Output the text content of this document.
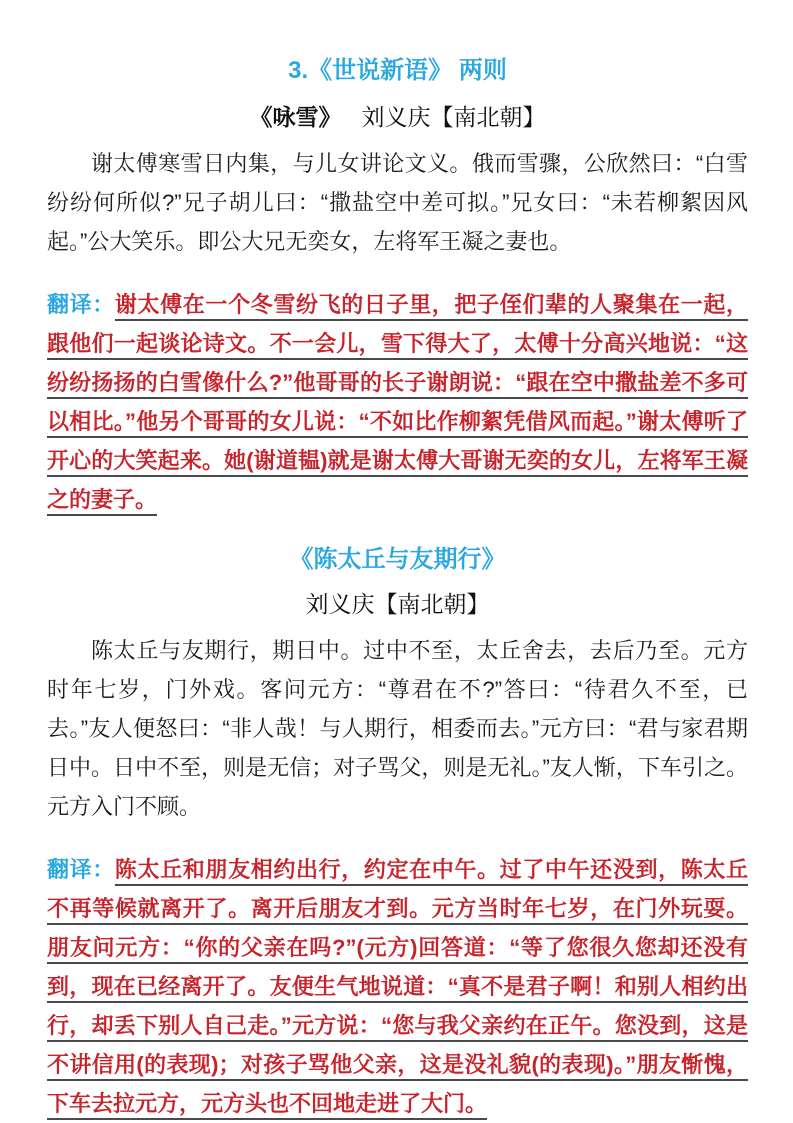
3.《世说新语》 两则
《咏雪》 刘义庆【南北朝】

谢太傅寒雪日内集，与儿女讲论文义。俄而雪骤，公欣然曰：“白雪纷纷何所似?”兄子胡儿曰：“撒盐空中差可拟。”兄女曰：“未若柳絮因风起。”公大笑乐。即公大兄无奕女，左将军王凝之妻也。

翻译：谢太傅在一个冬雪纷飞的日子里，把子侄们辈的人聚集在一起，跟他们一起谈论诗文。不一会儿，雪下得大了，太傅十分高兴地说：“这纷纷扬扬的白雪像什么?”他哥哥的长子谢朗说：“跟在空中撒盐差不多可以相比。”他另个哥哥的女儿说：“不如比作柳絮凭借风而起。”谢太傅听了开心的大笑起来。她(谢道韫)就是谢太傅大哥谢无奕的女儿，左将军王凝之的妻子。

《陈太丘与友期行》
刘义庆【南北朝】

陈太丘与友期行，期日中。过中不至，太丘舍去，去后乃至。元方时年七岁，门外戏。客问元方：“尊君在不?”答曰：“待君久不至，已去。”友人便怒曰：“非人哉！与人期行，相委而去。”元方曰：“君与家君期日中。日中不至，则是无信；对子骂父，则是无礼。”友人惭，下车引之。元方入门不顾。

翻译：陈太丘和朋友相约出行，约定在中午。过了中午还没到，陈太丘不再等候就离开了。离开后朋友才到。元方当时年七岁，在门外玩耍。朋友问元方：“你的父亲在吗?”(元方)回答道：“等了您很久您却还没有到，现在已经离开了。友便生气地说道：“真不是君子啊！和别人相约出行，却丢下别人自己走。”元方说：“您与我父亲约在正午。您没到，这是不讲信用(的表现)；对孩子骂他父亲，这是没礼貌(的表现)。”朋友惭愧，下车去拉元方，元方头也不回地走进了大门。
